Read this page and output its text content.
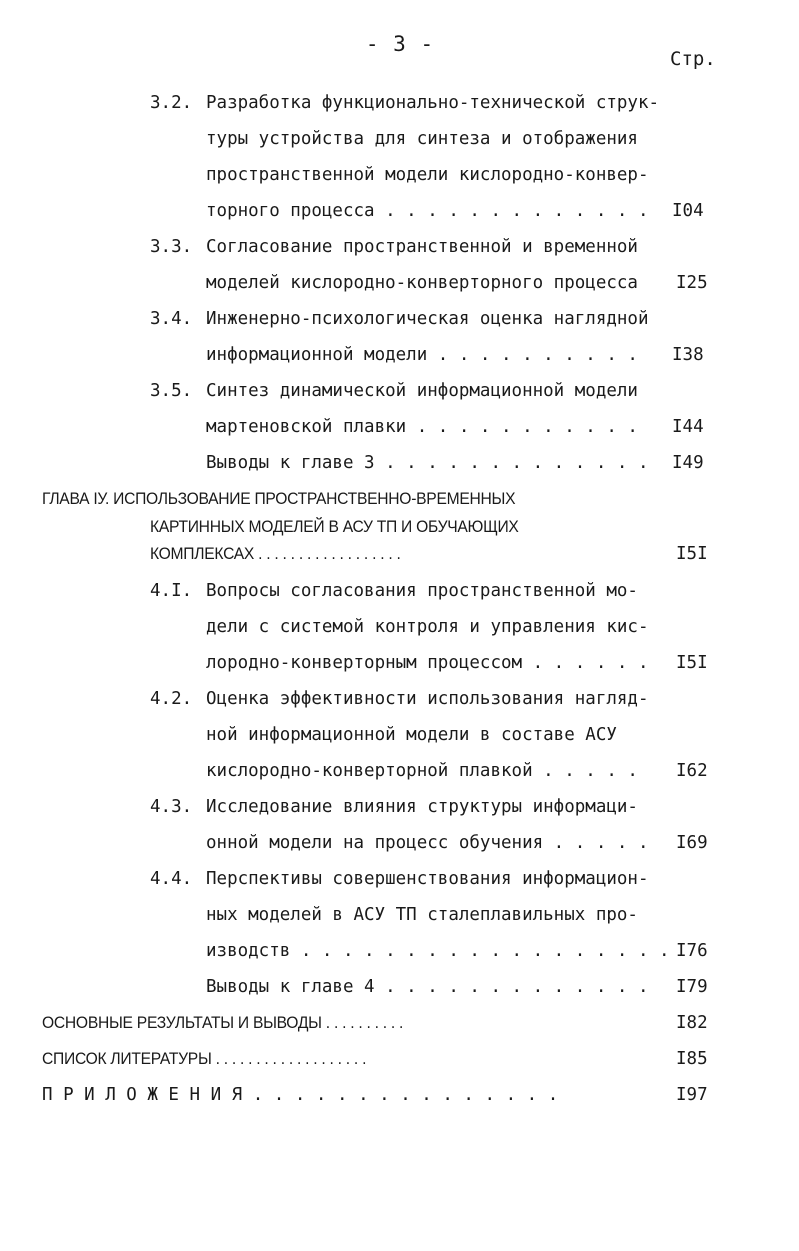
- 3 -
Стр.
3.2. Разработка функционально-технической струк-
туры устройства для синтеза и отображения
пространственной модели кислородно-конвер-
торного процесса . . . . . . . . . . . . . I04
3.3. Согласование пространственной и временной
моделей кислородно-конверторного процесса I25
3.4. Инженерно-психологическая оценка наглядной
информационной модели . . . . . . . . . . I38
3.5. Синтез динамической информационной модели
мартеновской плавки . . . . . . . . . . . I44
Выводы к главе 3 . . . . . . . . . . . . . I49
ГЛАВА IУ. ИСПОЛЬЗОВАНИЕ ПРОСТРАНСТВЕННО-ВРЕМЕННЫХ
КАРТИННЫХ МОДЕЛЕЙ В АСУ ТП И ОБУЧАЮЩИХ
КОМПЛЕКСАХ . . . . . . . . . . . . . . . . . .	I5I
4.I. Вопросы согласования пространственной мо-
дели с системой контроля и управления кис-
лородно-конверторным процессом . . . . . . I5I
4.2. Оценка эффективности использования нагляд-
ной информационной модели в составе АСУ
кислородно-конверторной плавкой . . . . . I62
4.3. Исследование влияния структуры информаци-
онной модели на процесс обучения . . . . . I69
4.4. Перспективы совершенствования информацион-
ных моделей в АСУ ТП сталеплавильных про-
изводств . . . . . . . . . . . . . . . . . . I76
Выводы к главе 4 . . . . . . . . . . . . . I79
ОСНОВНЫЕ РЕЗУЛЬТАТЫ И ВЫВОДЫ . . . . . . . . . .	I82
СПИСОК ЛИТЕРАТУРЫ . . . . . . . . . . . . . . . . . . .	I85
П Р И Л О Ж Е Н И Я . . . . . . . . . . . . . . .	I97
